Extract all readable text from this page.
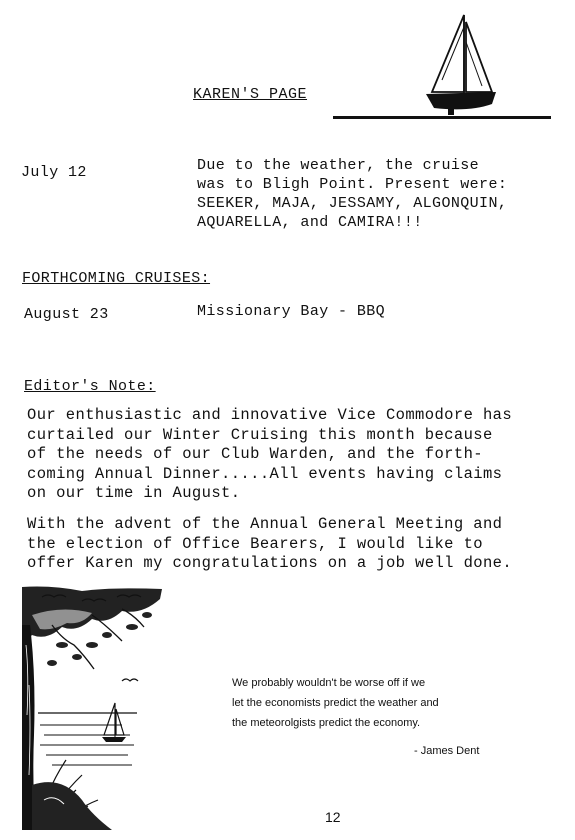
KAREN'S PAGE
July 12	Due to the weather, the cruise
was to Bligh Point. Present were:
SEEKER, MAJA, JESSAMY, ALGONQUIN,
AQUARELLA, and CAMIRA!!!
FORTHCOMING CRUISES:
August 23	Missionary Bay - BBQ
Editor's Note:

Our enthusiastic and innovative Vice Commodore has

curtailed our Winter Cruising this month because

of the needs of our Club Warden, and the forth-

coming Annual Dinner.....All events having claims

on our time in August.

With the advent of the Annual General Meeting and

the election of Office Bearers, I would like to

offer Karen my congratulations on a job well done.

We probably wouldn't be worse off if we

let the economists predict the weather and

the meteorolgists predict the economy.

- James Dent
12
